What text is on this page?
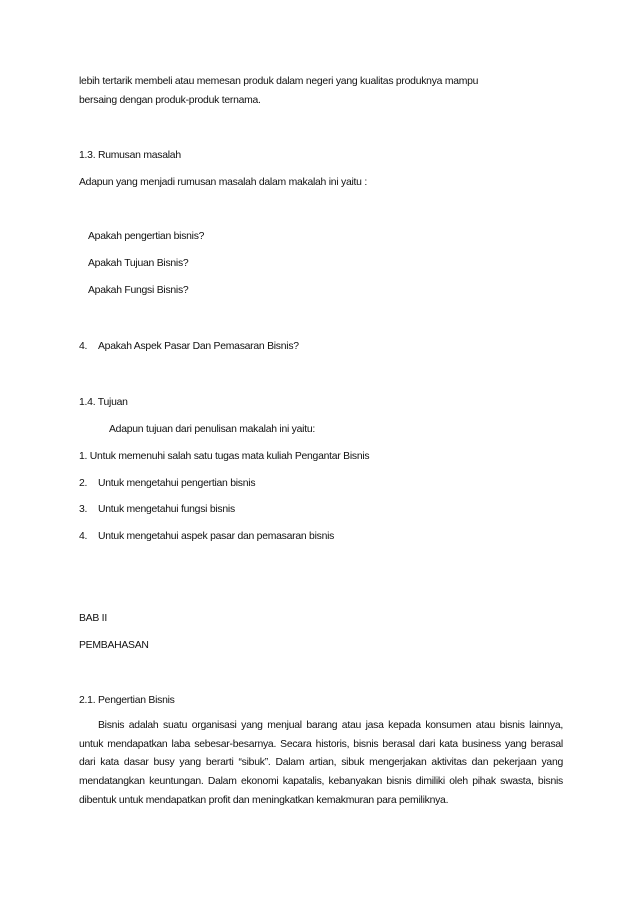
lebih tertarik membeli atau memesan produk dalam negeri yang kualitas produknya mampu
bersaing dengan produk-produk ternama.
1.3. Rumusan masalah
Adapun yang menjadi rumusan masalah dalam makalah ini yaitu :
Apakah pengertian bisnis?
Apakah Tujuan Bisnis?
Apakah Fungsi Bisnis?
4. Apakah Aspek Pasar Dan Pemasaran Bisnis?
1.4. Tujuan
Adapun tujuan dari penulisan makalah ini yaitu:
1. Untuk memenuhi salah satu tugas mata kuliah Pengantar Bisnis
2. Untuk mengetahui pengertian bisnis
3. Untuk mengetahui fungsi bisnis
4. Untuk mengetahui aspek pasar dan pemasaran bisnis
BAB II
PEMBAHASAN
2.1. Pengertian Bisnis
Bisnis adalah suatu organisasi yang menjual barang atau jasa kepada konsumen atau bisnis lainnya, untuk mendapatkan laba sebesar-besarnya. Secara historis, bisnis berasal dari kata business yang berasal dari kata dasar busy yang berarti “sibuk”. Dalam artian, sibuk mengerjakan aktivitas dan pekerjaan yang mendatangkan keuntungan. Dalam ekonomi kapatalis, kebanyakan bisnis dimiliki oleh pihak swasta, bisnis dibentuk untuk mendapatkan profit dan meningkatkan kemakmuran para pemiliknya.
